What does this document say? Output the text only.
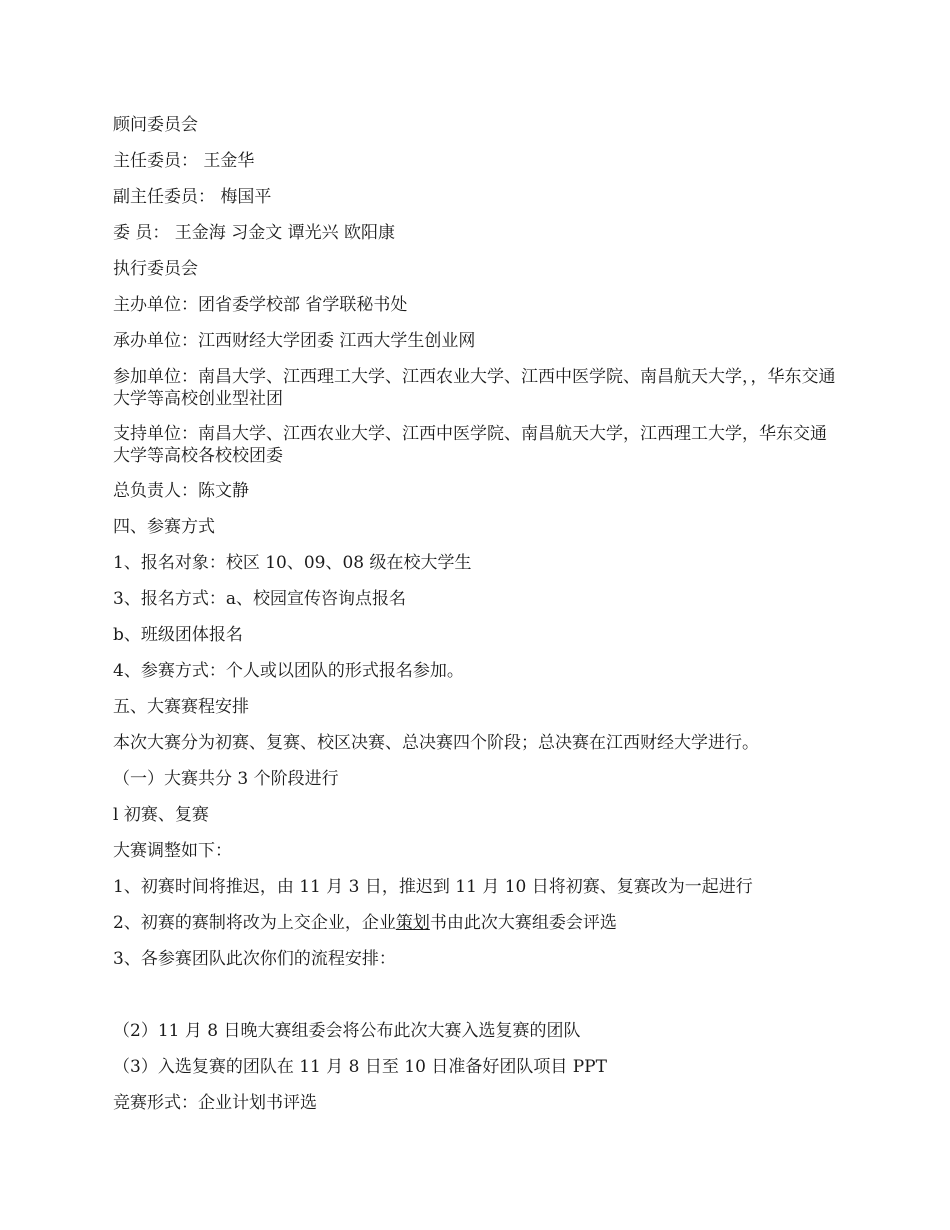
顾问委员会
主任委员： 王金华
副主任委员： 梅国平
委 员： 王金海 习金文 谭光兴 欧阳康
执行委员会
主办单位：团省委学校部 省学联秘书处
承办单位：江西财经大学团委 江西大学生创业网
参加单位：南昌大学、江西理工大学、江西农业大学、江西中医学院、南昌航天大学，，华东交通大学等高校创业型社团
支持单位：南昌大学、江西农业大学、江西中医学院、南昌航天大学，江西理工大学，华东交通大学等高校各校校团委
总负责人：陈文静
四、参赛方式
1、报名对象：校区 10、09、08 级在校大学生
3、报名方式：a、校园宣传咨询点报名
b、班级团体报名
4、参赛方式：个人或以团队的形式报名参加。
五、大赛赛程安排
本次大赛分为初赛、复赛、校区决赛、总决赛四个阶段；总决赛在江西财经大学进行。
（一）大赛共分 3 个阶段进行
l 初赛、复赛
大赛调整如下：
1、初赛时间将推迟，由 11 月 3 日，推迟到 11 月 10 日将初赛、复赛改为一起进行
2、初赛的赛制将改为上交企业，企业策划书由此次大赛组委会评选
3、各参赛团队此次你们的流程安排：
（2）11 月 8 日晚大赛组委会将公布此次大赛入选复赛的团队
（3）入选复赛的团队在 11 月 8 日至 10 日准备好团队项目 PPT
竞赛形式：企业计划书评选
